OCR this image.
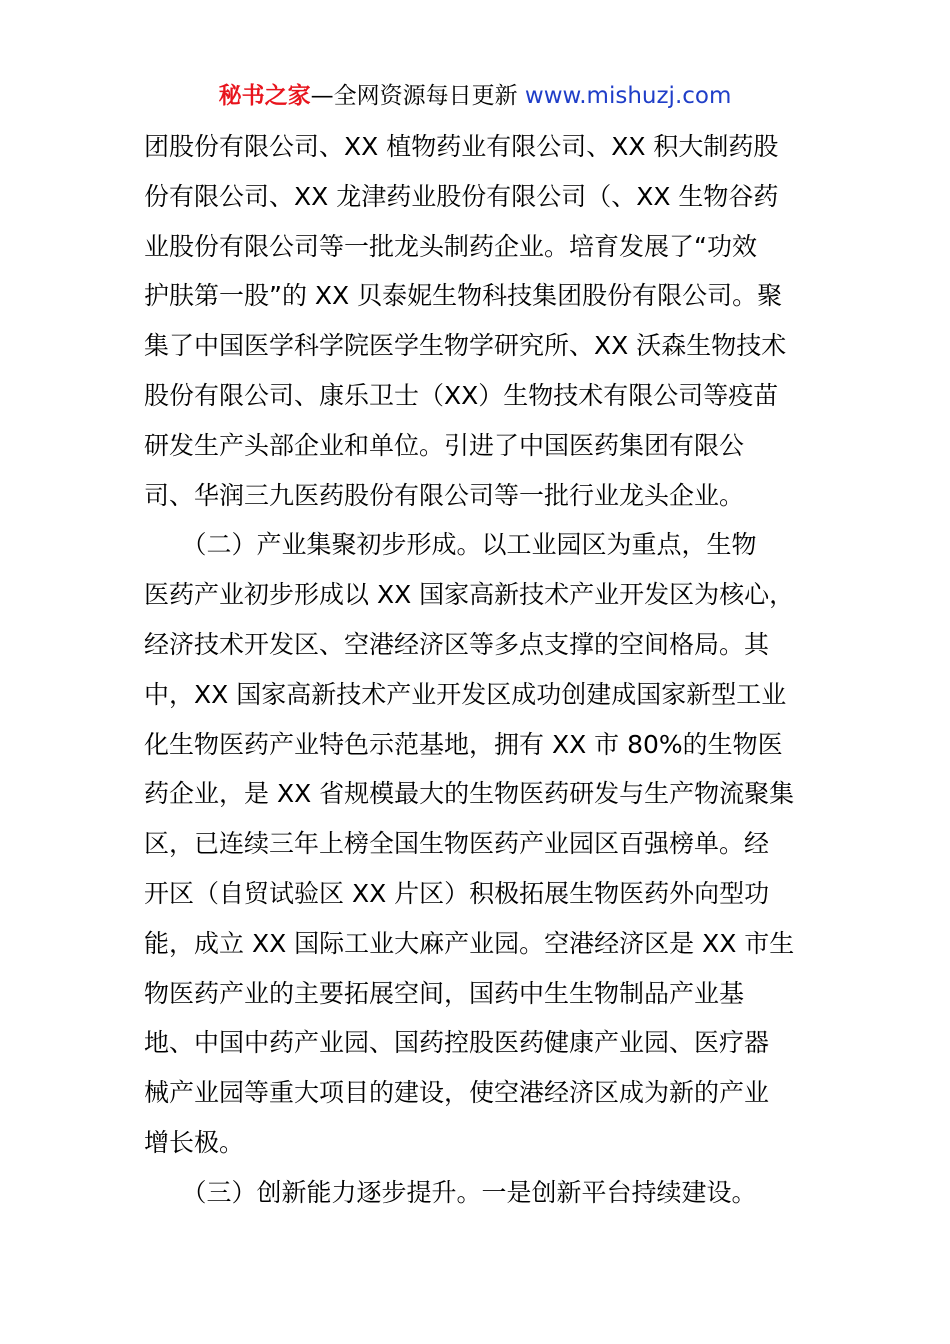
秘书之家—全网资源每日更新 www.mishuzj.com
团股份有限公司、XX 植物药业有限公司、XX 积大制药股
份有限公司、XX 龙津药业股份有限公司（、XX 生物谷药
业股份有限公司等一批龙头制药企业。培育发展了“功效
护肤第一股”的 XX 贝泰妮生物科技集团股份有限公司。聚
集了中国医学科学院医学生物学研究所、XX 沃森生物技术
股份有限公司、康乐卫士（XX）生物技术有限公司等疫苗
研发生产头部企业和单位。引进了中国医药集团有限公
司、华润三九医药股份有限公司等一批行业龙头企业。
　　（二）产业集聚初步形成。以工业园区为重点，生物
医药产业初步形成以 XX 国家高新技术产业开发区为核心，
经济技术开发区、空港经济区等多点支撑的空间格局。其
中，XX 国家高新技术产业开发区成功创建成国家新型工业
化生物医药产业特色示范基地，拥有 XX 市 80%的生物医
药企业，是 XX 省规模最大的生物医药研发与生产物流聚集
区，已连续三年上榜全国生物医药产业园区百强榜单。经
开区（自贸试验区 XX 片区）积极拓展生物医药外向型功
能，成立 XX 国际工业大麻产业园。空港经济区是 XX 市生
物医药产业的主要拓展空间，国药中生生物制品产业基
地、中国中药产业园、国药控股医药健康产业园、医疗器
械产业园等重大项目的建设，使空港经济区成为新的产业
增长极。
　　（三）创新能力逐步提升。一是创新平台持续建设。
